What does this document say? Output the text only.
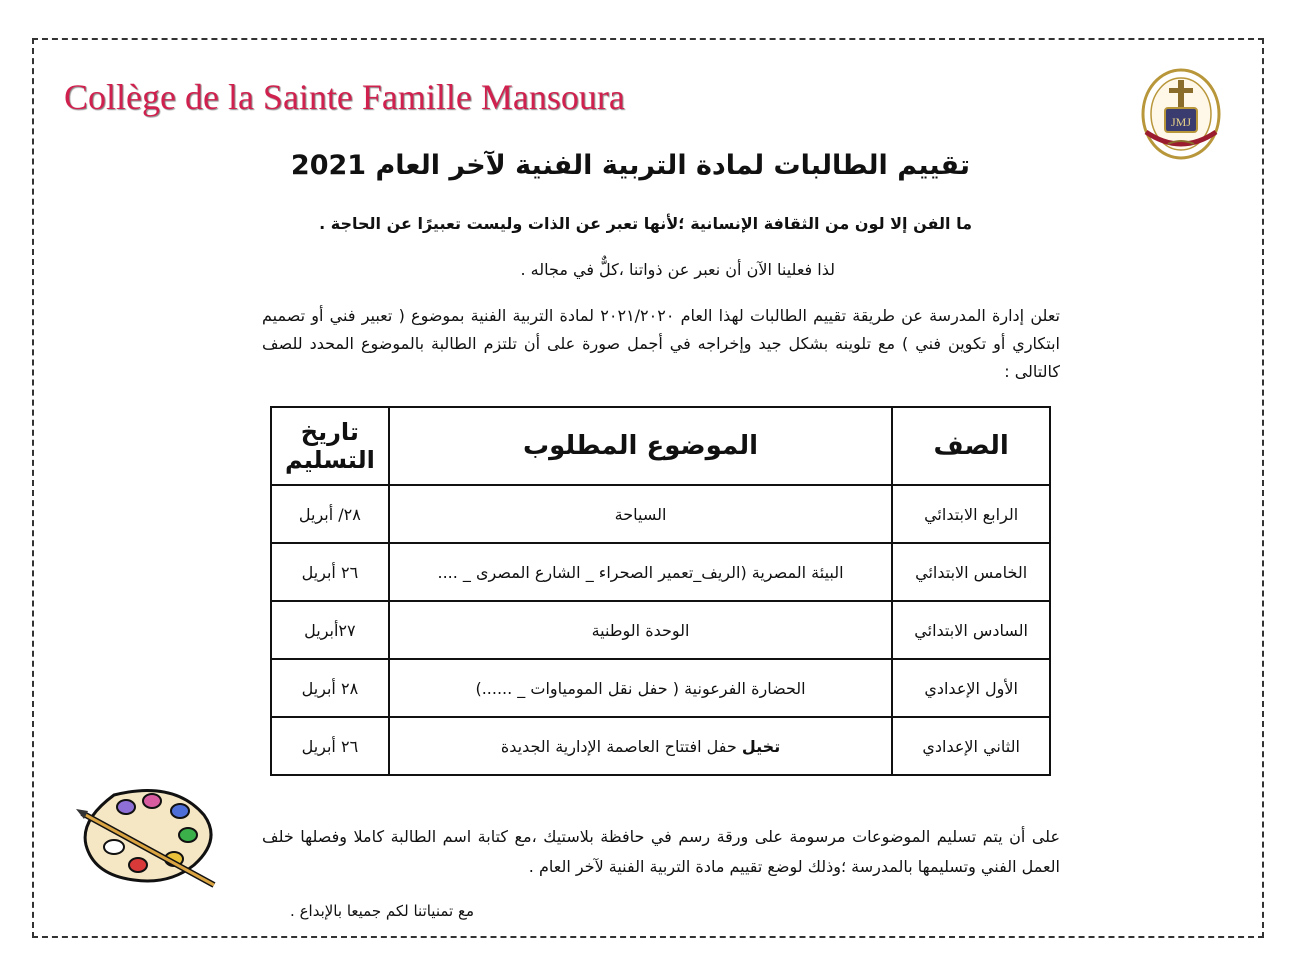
Collège de la Sainte Famille Mansoura
JMJ
تقييم الطالبات لمادة التربية الفنية لآخر العام 2021
ما الفن إلا لون من الثقافة الإنسانية ؛لأنها تعبر عن الذات وليست تعبيرًا عن الحاجة .
لذا فعلينا الآن أن نعبر عن ذواتنا ،كلٌّ في مجاله .
تعلن إدارة المدرسة عن طريقة تقييم الطالبات لهذا العام ٢٠٢١/٢٠٢٠ لمادة التربية الفنية بموضوع ( تعبير فني أو تصميم ابتكاري أو تكوين فني ) مع تلوينه بشكل جيد وإخراجه في أجمل صورة على أن تلتزم الطالبة بالموضوع المحدد للصف كالتالى :
الصف	الموضوع المطلوب	تاريخ التسليم
الرابع الابتدائي	السياحة	٢٨/ أبريل
الخامس الابتدائي	البيئة المصرية (الريف_تعمير الصحراء _ الشارع المصرى _ ....	٢٦ أبريل
السادس الابتدائي	الوحدة الوطنية	٢٧أبريل
الأول الإعدادي	الحضارة الفرعونية ( حفل نقل المومياوات _ ......)	٢٨ أبريل
الثاني الإعدادي	تخيل حفل افتتاح العاصمة الإدارية الجديدة	٢٦ أبريل
على أن يتم تسليم الموضوعات مرسومة على ورقة رسم في حافظة بلاستيك ،مع كتابة اسم الطالبة كاملا وفصلها خلف العمل الفني وتسليمها بالمدرسة ؛وذلك لوضع تقييم مادة التربية الفنية لآخر العام .
مع تمنياتنا لكم جميعا بالإبداع .
